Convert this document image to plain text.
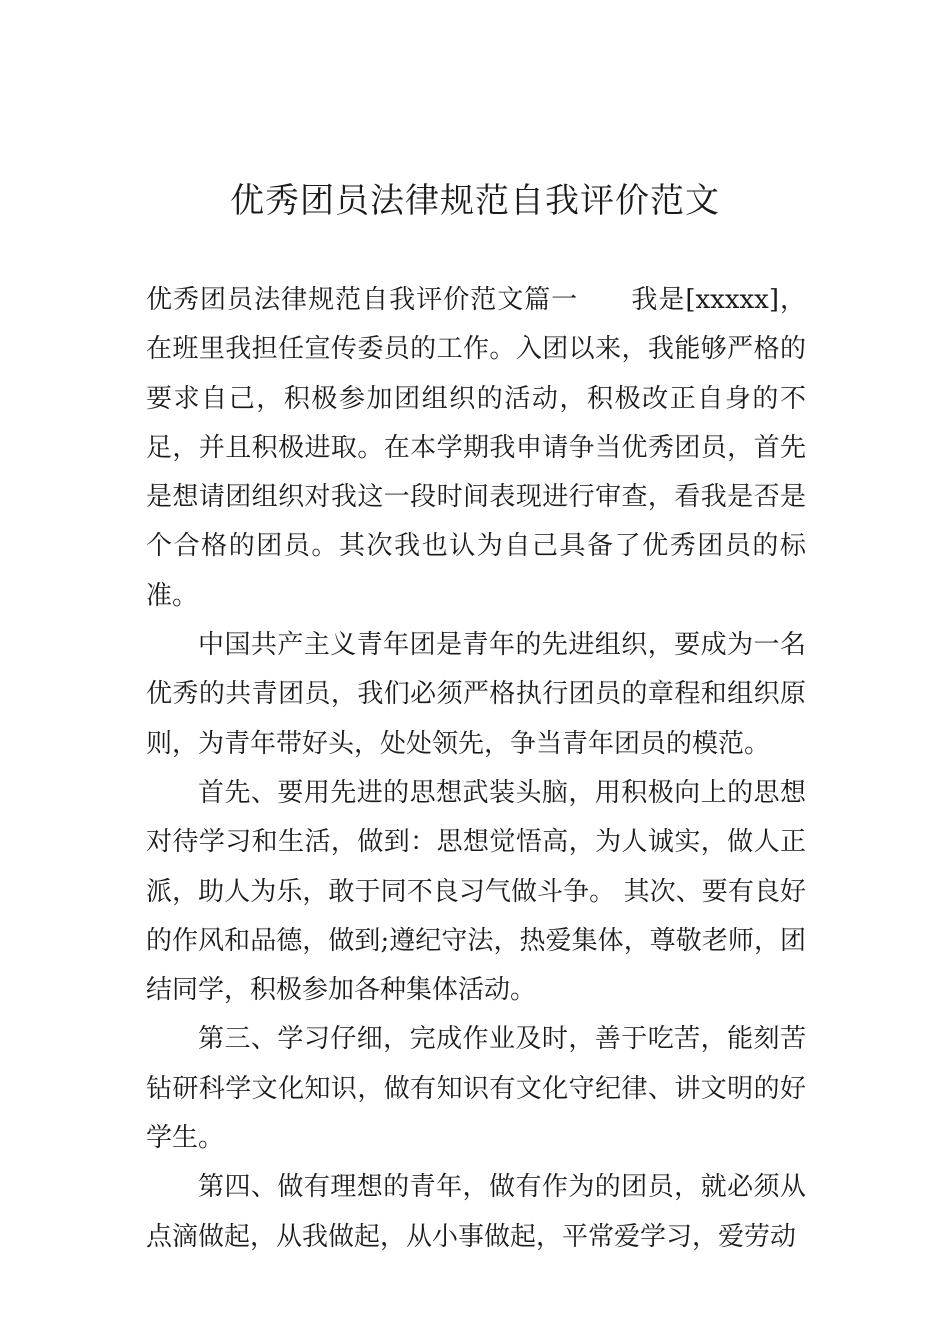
优秀团员法律规范自我评价范文

优秀团员法律规范自我评价范文篇一 我是[xxxxx]，在班里我担任宣传委员的工作。入团以来，我能够严格的要求自己，积极参加团组织的活动，积极改正自身的不足，并且积极进取。在本学期我申请争当优秀团员，首先是想请团组织对我这一段时间表现进行审查，看我是否是个合格的团员。其次我也认为自己具备了优秀团员的标准。

中国共产主义青年团是青年的先进组织，要成为一名优秀的共青团员，我们必须严格执行团员的章程和组织原则，为青年带好头，处处领先，争当青年团员的模范。

首先、要用先进的思想武装头脑，用积极向上的思想对待学习和生活，做到：思想觉悟高，为人诚实，做人正派，助人为乐，敢于同不良习气做斗争。 其次、要有良好的作风和品德，做到;遵纪守法，热爱集体，尊敬老师，团结同学，积极参加各种集体活动。

第三、学习仔细，完成作业及时，善于吃苦，能刻苦钻研科学文化知识，做有知识有文化守纪律、讲文明的好学生。

第四、做有理想的青年，做有作为的团员，就必须从点滴做起，从我做起，从小事做起，平常爱学习，爱劳动
